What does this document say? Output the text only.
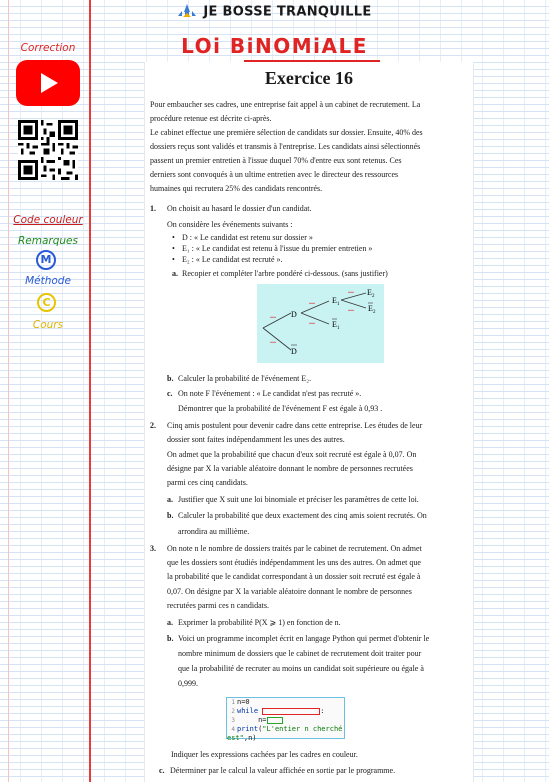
JE BOSSE TRANQUILLE
LOi BiNOMiALE
Correction
Code couleur
Remarques
M
Méthode
C
Cours
Exercice 16
Pour embaucher ses cadres, une entreprise fait appel à un cabinet de recrutement. La
procédure retenue est décrite ci-après.
Le cabinet effectue une première sélection de candidats sur dossier. Ensuite, 40% des
dossiers reçus sont validés et transmis à l'entreprise. Les candidats ainsi sélectionnés
passent un premier entretien à l'issue duquel 70% d'entre eux sont retenus. Ces
derniers sont convoqués à un ultime entretien avec le directeur des ressources
humaines qui recrutera 25% des candidats rencontrés.
1. On choisit au hasard le dossier d'un candidat.
On considère les événements suivants :
• D : « Le candidat est retenu sur dossier »
• E₁ : « Le candidat est retenu à l'issue du premier entretien »
• E₂ : « Le candidat est recruté ».
a. Recopier et compléter l'arbre pondéré ci-dessous. (sans justifier)
D
D
E 1
E 1
E 2
E 2
...
...
...
...
...
...
b. Calculer la probabilité de l'événement E₂.
c. On note F l'événement : « Le candidat n'est pas recruté ».
Démontrer que la probabilité de l'événement F est égale à 0,93 .
2. Cinq amis postulent pour devenir cadre dans cette entreprise. Les études de leur
dossier sont faites indépendamment les unes des autres.
On admet que la probabilité que chacun d'eux soit recruté est égale à 0,07. On
désigne par X la variable aléatoire donnant le nombre de personnes recrutées
parmi ces cinq candidats.
a. Justifier que X suit une loi binomiale et préciser les paramètres de cette loi.
b. Calculer la probabilité que deux exactement des cinq amis soient recrutés. On
arrondira au millième.
3. On note n le nombre de dossiers traités par le cabinet de recrutement. On admet
que les dossiers sont étudiés indépendamment les uns des autres. On admet que
la probabilité que le candidat correspondant à un dossier soit recruté est égale à
0,07. On désigne par X la variable aléatoire donnant le nombre de personnes
recrutées parmi ces n candidats.
a. Exprimer la probabilité P(X ⩾ 1) en fonction de n.
b. Voici un programme incomplet écrit en langage Python qui permet d'obtenir le
nombre minimum de dossiers que le cabinet de recrutement doit traiter pour
que la probabilité de recruter au moins un candidat soit supérieure ou égale à
0,999.
1 n=0
2 while	:
3	n=
4 print("L'entier n cherché est",n)
Indiquer les expressions cachées par les cadres en couleur.
c. Déterminer par le calcul la valeur affichée en sortie par le programme.
